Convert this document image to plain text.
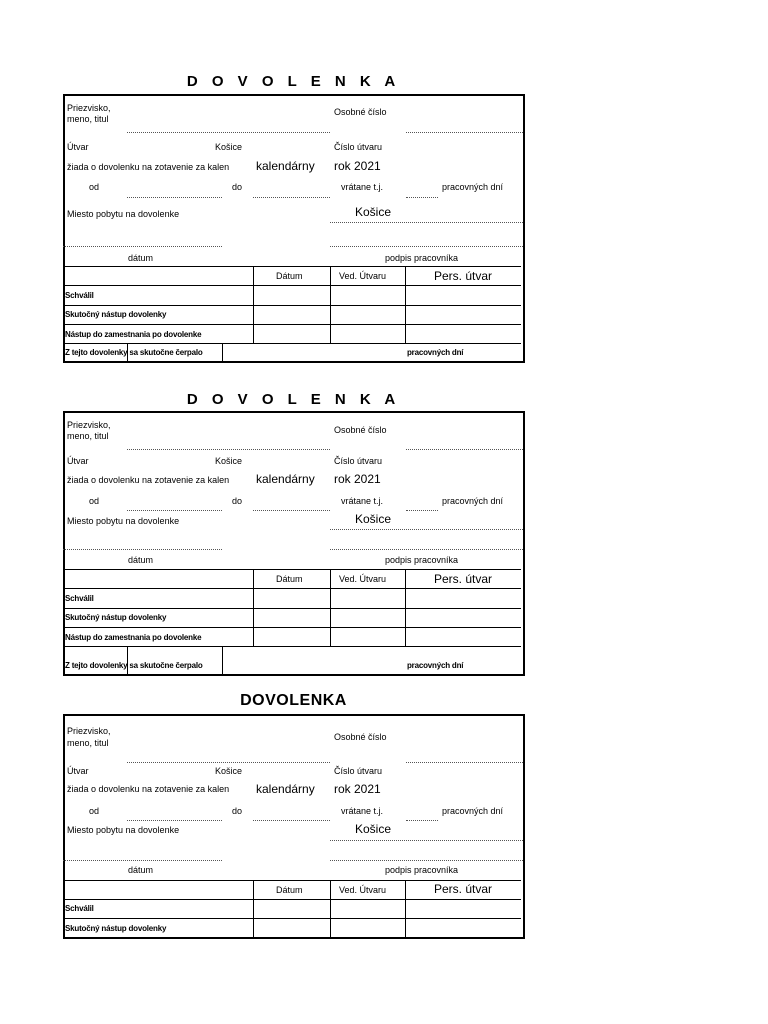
D O V O L E N K A
Priezvisko,
meno, titul
Osobné číslo
Útvar	Košice	Číslo útvaru
žiada o dovolenku na zotavenie za kalen kalendárny rok 2021
od	do	vrátane t.j.	pracovných dní
Miesto pobytu na dovolenke	Košice
dátum	podpis pracovníka
Dátum	Ved. Útvaru	Pers. útvar
Schválil
Skutočný nástup dovolenky
Nástup do zamestnania po dovolenke
Z tejto dovolenky sa skutočne čerpalo	pracovných dní
D O V O L E N K A
Priezvisko,
meno, titul
Osobné číslo
Útvar	Košice	Číslo útvaru
žiada o dovolenku na zotavenie za kalen kalendárny rok 2021
od	do	vrátane t.j.	pracovných dní
Miesto pobytu na dovolenke	Košice
dátum	podpis pracovníka
Dátum	Ved. Útvaru	Pers. útvar
Schválil
Skutočný nástup dovolenky
Nástup do zamestnania po dovolenke
Z tejto dovolenky sa skutočne čerpalo	pracovných dní
DOVOLENKA
Priezvisko,
meno, titul
Osobné číslo
Útvar	Košice	Číslo útvaru
žiada o dovolenku na zotavenie za kalen kalendárny rok 2021
od	do	vrátane t.j.	pracovných dní
Miesto pobytu na dovolenke	Košice
dátum	podpis pracovníka
Dátum	Ved. Útvaru	Pers. útvar
Schválil
Skutočný nástup dovolenky
